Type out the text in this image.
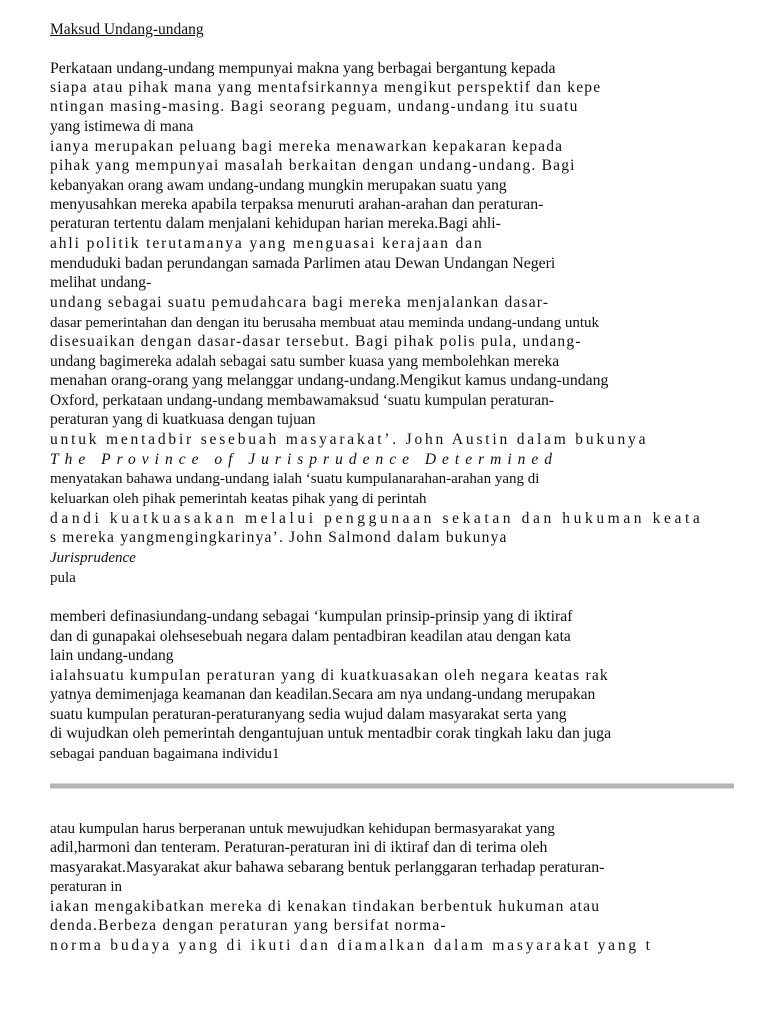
Maksud Undang-undang
Perkataan undang-undang mempunyai makna yang berbagai bergantung kepada
siapa atau pihak mana yang mentafsirkannya mengikut perspektif dan kepe
ntingan masing-masing. Bagi seorang peguam, undang-undang itu suatu
yang istimewa di mana
ianya merupakan peluang bagi mereka menawarkan kepakaran kepada
pihak yang mempunyai masalah berkaitan dengan undang-undang. Bagi
kebanyakan orang awam undang-undang mungkin merupakan suatu yang
menyusahkan mereka apabila terpaksa menuruti arahan-arahan dan peraturan-
peraturan tertentu dalam menjalani kehidupan harian mereka.Bagi ahli-
ahli politik terutamanya yang menguasai kerajaan dan
menduduki badan perundangan samada Parlimen atau Dewan Undangan Negeri
melihat undang-
undang sebagai suatu pemudahcara bagi mereka menjalankan dasar-
dasar pemerintahan dan dengan itu berusaha membuat atau meminda undang-undang untuk
disesuaikan dengan dasar-dasar tersebut. Bagi pihak polis pula, undang-
undang bagimereka adalah sebagai satu sumber kuasa yang membolehkan mereka
menahan orang-orang yang melanggar undang-undang.Mengikut kamus undang-undang
Oxford, perkataan undang-undang membawamaksud ‘suatu kumpulan peraturan-
peraturan yang di kuatkuasa dengan tujuan
untuk mentadbir sesebuah masyarakat’. John Austin dalam bukunya
The Province of Jurisprudence Determined
menyatakan bahawa undang-undang ialah ‘suatu kumpulanarahan-arahan yang di
keluarkan oleh pihak pemerintah keatas pihak yang di perintah
dandi kuatkuasakan melalui penggunaan sekatan dan hukuman keata
s mereka yangmengingkarinya’. John Salmond dalam bukunya
Jurisprudence
pula
memberi definasiundang-undang sebagai ‘kumpulan prinsip-prinsip yang di iktiraf
dan di gunapakai olehsesebuah negara dalam pentadbiran keadilan atau dengan kata
lain undang-undang
ialahsuatu kumpulan peraturan yang di kuatkuasakan oleh negara keatas rak
yatnya demimenjaga keamanan dan keadilan.Secara am nya undang-undang merupakan
suatu kumpulan peraturan-peraturanyang sedia wujud dalam masyarakat serta yang
di wujudkan oleh pemerintah dengantujuan untuk mentadbir corak tingkah laku dan juga
sebagai panduan bagaimana individu1
atau kumpulan harus berperanan untuk mewujudkan kehidupan bermasyarakat yang
adil,harmoni dan tenteram. Peraturan-peraturan ini di iktiraf dan di terima oleh
masyarakat.Masyarakat akur bahawa sebarang bentuk perlanggaran terhadap peraturan-
peraturan in
iakan mengakibatkan mereka di kenakan tindakan berbentuk hukuman atau
denda.Berbeza dengan peraturan yang bersifat norma-
norma budaya yang di ikuti dan diamalkan dalam masyarakat yang t
